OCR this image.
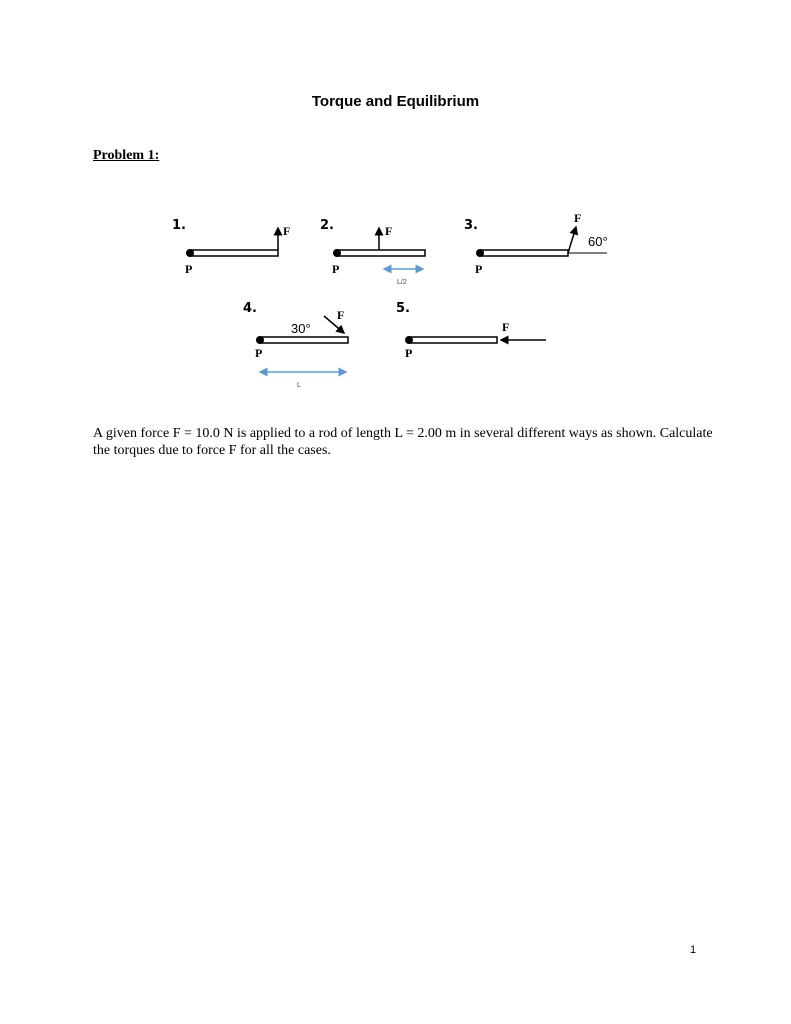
Torque and Equilibrium
Problem 1:
1.
P
F 2.
P
F
L/2
3.
P
F
60°
4.
P
F
30°
L
5.
P
F
A given force F = 10.0 N is applied to a rod of length L = 2.00 m in several different ways as shown. Calculate the torques due to force F for all the cases.
1
